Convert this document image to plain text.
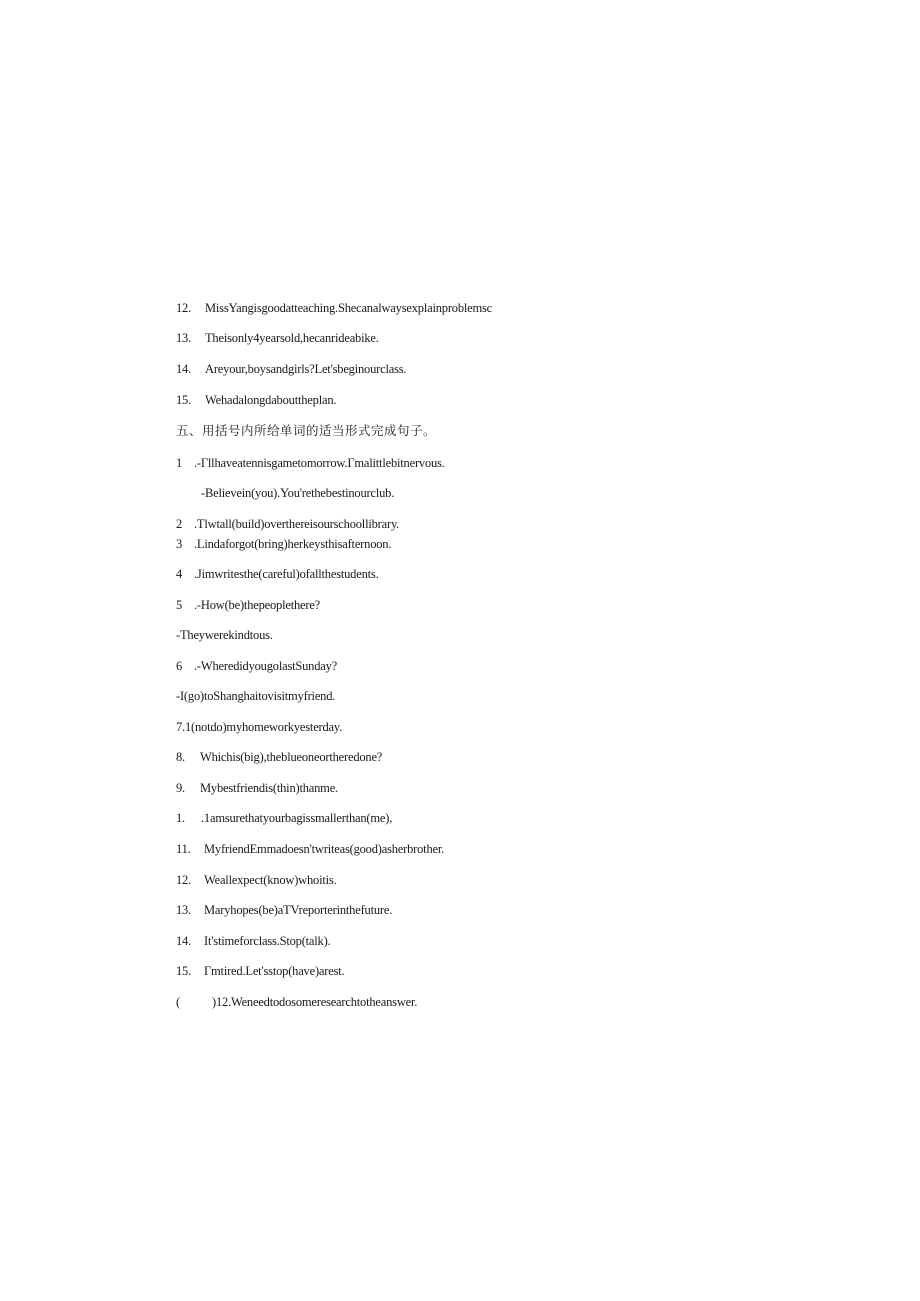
12. MissYangisgoodatteaching.Shecanalwaysexplainproblemsc
13. Theisonly4yearsold,hecanrideabike.
14. Areyour,boysandgirls?Let'sbeginourclass.
15. Wehadalongdabouttheplan.
五、用括号内所给单词的适当形式完成句子。
1 .-Γllhaveatennisgametomorrow.Γmalittlebitnervous.
-Believein(you).You'rethebestinourclub.
2 .Tlwtall(build)overthereisourschoollibrary.
3 .Lindaforgot(bring)herkeysthisafternoon.
4 .Jimwritesthe(careful)ofallthestudents.
5 .-How(be)thepeoplethere?
-Theywerekindtous.
6 .-WheredidyougolastSunday?
-I(go)toShanghaitovisitmyfriend.
7.1(notdo)myhomeworkyesterday.
8. Whichis(big),theblueoneortheredone?
9. Mybestfriendis(thin)thanme.
1. .1amsurethatyourbagissmallerthan(me),
11. MyfriendEmmadoesn'twriteas(good)asherbrother.
12. Weallexpect(know)whoitis.
13. Maryhopes(be)aTVreporterinthefuture.
14. It'stimeforclass.Stop(talk).
15. Γmtired.Let'sstop(have)arest.
(	)12.Weneedtodosomeresearchtotheanswer.
